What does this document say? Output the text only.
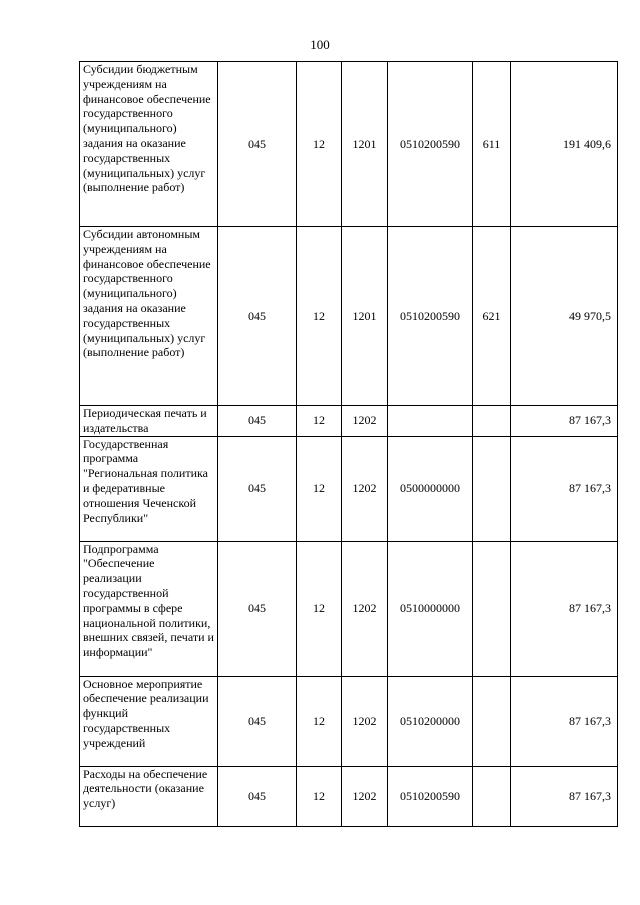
100
Субсидии бюджетным учреждениям на финансовое обеспечение государственного (муниципального) задания на оказание государственных (муниципальных) услуг (выполнение работ)	045	12	1201	0510200590	611	191 409,6
Субсидии автономным учреждениям на финансовое обеспечение государственного (муниципального) задания на оказание государственных (муниципальных) услуг (выполнение работ)	045	12	1201	0510200590	621	49 970,5
Периодическая печать и издательства	045	12	1202			87 167,3
Государственная программа "Региональная политика и федеративные отношения Чеченской Республики"	045	12	1202	0500000000		87 167,3
Подпрограмма "Обеспечение реализации государственной программы в сфере национальной политики, внешних связей, печати и информации"	045	12	1202	0510000000		87 167,3
Основное мероприятие обеспечение реализации функций государственных учреждений	045	12	1202	0510200000		87 167,3
Расходы на обеспечение деятельности (оказание услуг)	045	12	1202	0510200590		87 167,3
